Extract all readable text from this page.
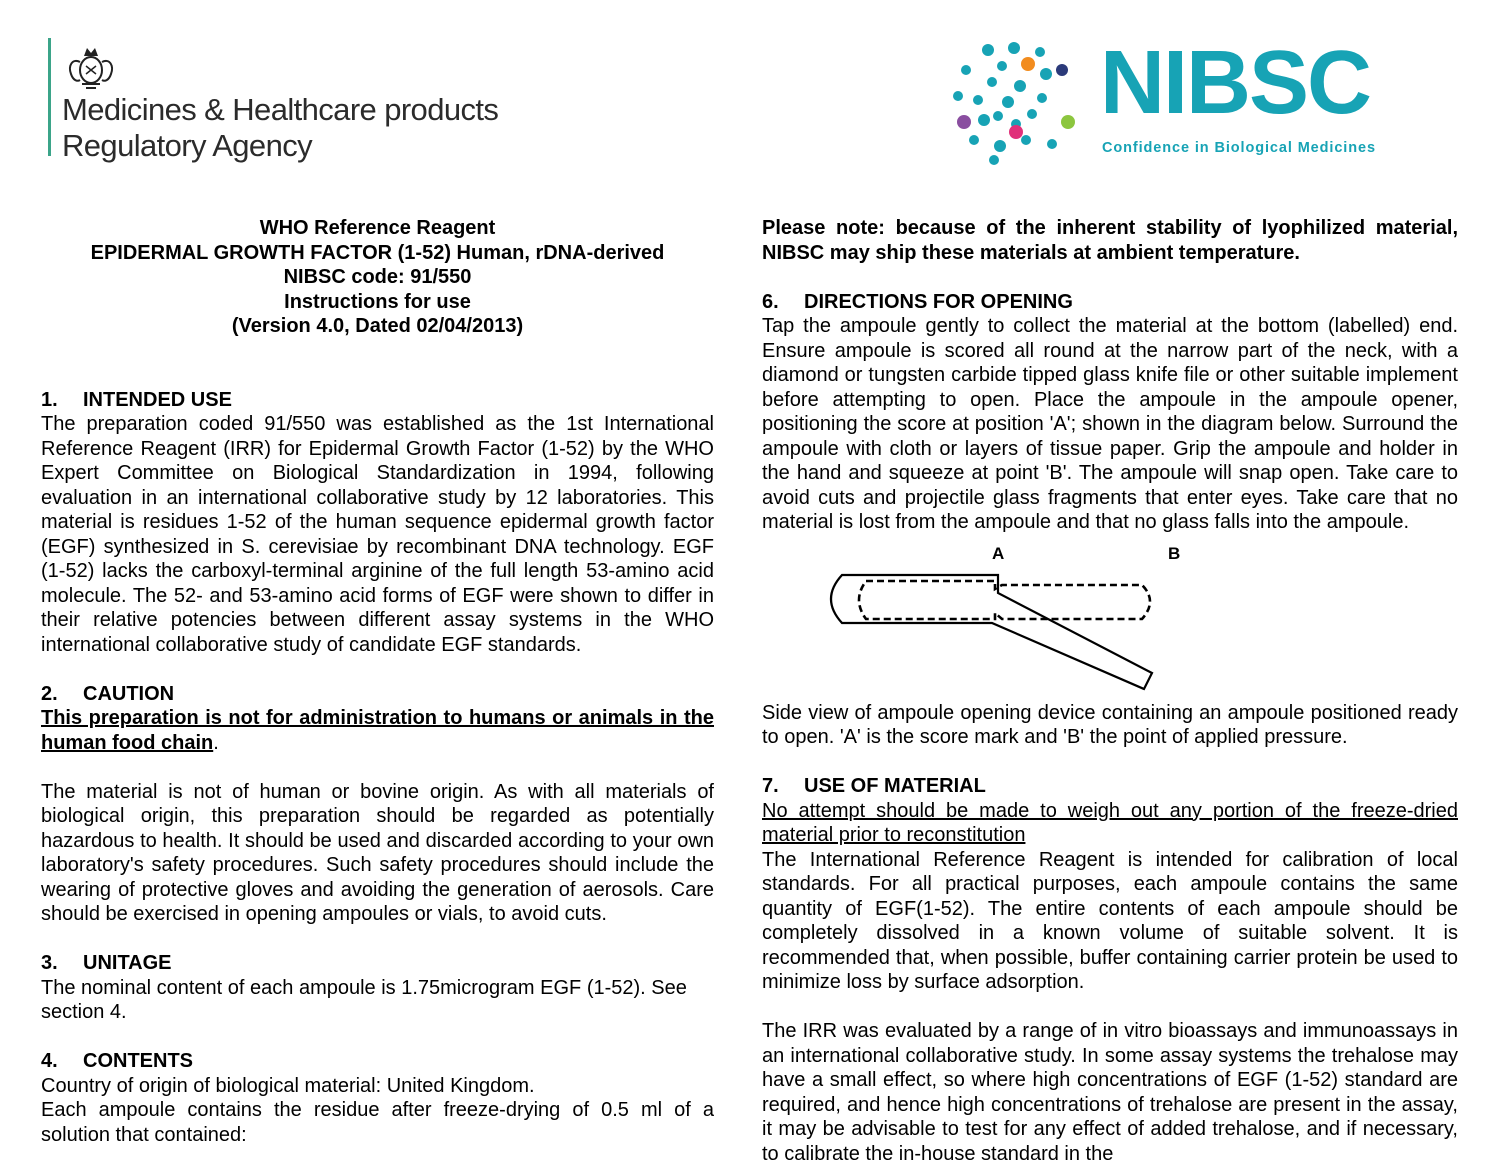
Medicines & Healthcare products Regulatory Agency
NIBSC
Confidence in Biological Medicines

WHO Reference Reagent

EPIDERMAL GROWTH FACTOR (1-52) Human, rDNA-derived

NIBSC code: 91/550

Instructions for use

(Version 4.0, Dated 02/04/2013)

1. INTENDED USE

The preparation coded 91/550 was established as the 1st International Reference Reagent (IRR) for Epidermal Growth Factor (1-52) by the WHO Expert Committee on Biological Standardization in 1994, following evaluation in an international collaborative study by 12 laboratories. This material is residues 1-52 of the human sequence epidermal growth factor (EGF) synthesized in S. cerevisiae by recombinant DNA technology. EGF (1-52) lacks the carboxyl-terminal arginine of the full length 53-amino acid molecule. The 52- and 53-amino acid forms of EGF were shown to differ in their relative potencies between different assay systems in the WHO international collaborative study of candidate EGF standards.

2. CAUTION

This preparation is not for administration to humans or animals in the human food chain.

The material is not of human or bovine origin. As with all materials of biological origin, this preparation should be regarded as potentially hazardous to health. It should be used and discarded according to your own laboratory's safety procedures. Such safety procedures should include the wearing of protective gloves and avoiding the generation of aerosols. Care should be exercised in opening ampoules or vials, to avoid cuts.

3. UNITAGE

The nominal content of each ampoule is 1.75microgram EGF (1-52). See section 4.

4. CONTENTS

Country of origin of biological material: United Kingdom.

Each ampoule contains the residue after freeze-drying of 0.5 ml of a solution that contained:

Please note: because of the inherent stability of lyophilized material, NIBSC may ship these materials at ambient temperature.

6. DIRECTIONS FOR OPENING

Tap the ampoule gently to collect the material at the bottom (labelled) end. Ensure ampoule is scored all round at the narrow part of the neck, with a diamond or tungsten carbide tipped glass knife file or other suitable implement before attempting to open. Place the ampoule in the ampoule opener, positioning the score at position 'A'; shown in the diagram below. Surround the ampoule with cloth or layers of tissue paper. Grip the ampoule and holder in the hand and squeeze at point 'B'. The ampoule will snap open. Take care to avoid cuts and projectile glass fragments that enter eyes. Take care that no material is lost from the ampoule and that no glass falls into the ampoule.

A	B

Side view of ampoule opening device containing an ampoule positioned ready to open. 'A' is the score mark and 'B' the point of applied pressure.

7. USE OF MATERIAL

No attempt should be made to weigh out any portion of the freeze-dried material prior to reconstitution

The International Reference Reagent is intended for calibration of local standards. For all practical purposes, each ampoule contains the same quantity of EGF(1-52). The entire contents of each ampoule should be completely dissolved in a known volume of suitable solvent. It is recommended that, when possible, buffer containing carrier protein be used to minimize loss by surface adsorption.

The IRR was evaluated by a range of in vitro bioassays and immunoassays in an international collaborative study. In some assay systems the trehalose may have a small effect, so where high concentrations of EGF (1-52) standard are required, and hence high concentrations of trehalose are present in the assay, it may be advisable to test for any effect of added trehalose, and if necessary, to calibrate the in-house standard in the
